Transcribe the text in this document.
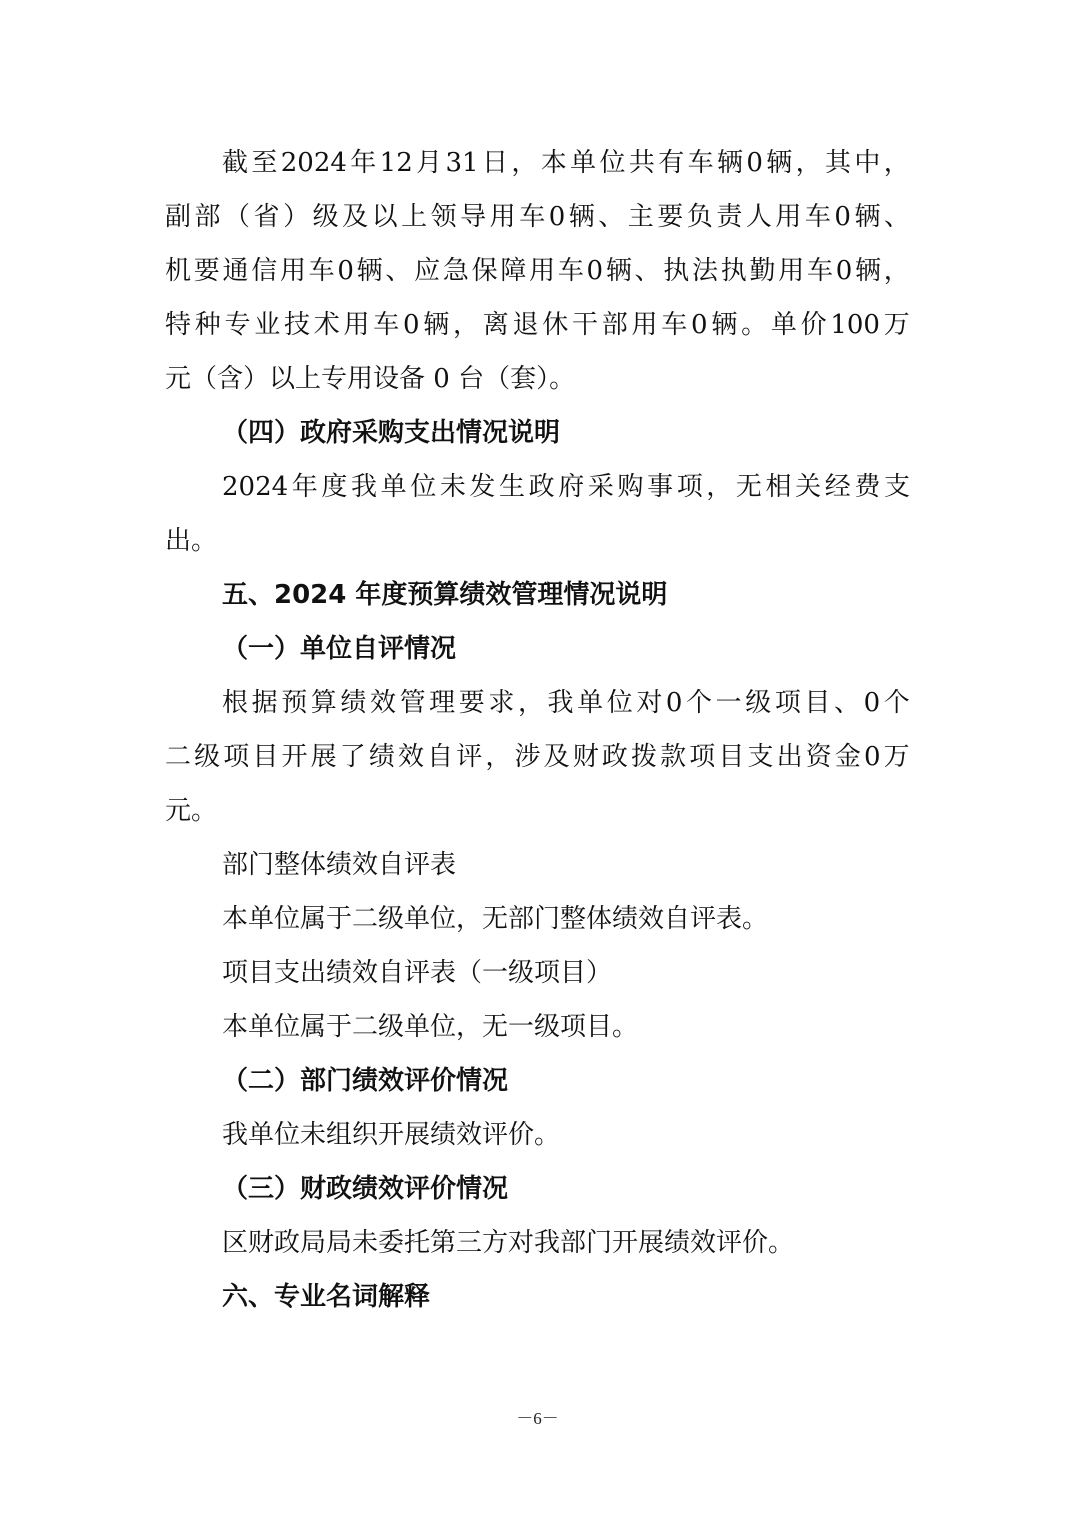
截 至 2024 年 12 月 31 日 ， 本 单 位 共 有 车 辆 0 辆 ， 其 中 ，
副 部 （ 省 ） 级 及 以 上 领 导 用 车 0 辆 、 主 要 负 责 人 用 车 0 辆 、
机 要 通 信 用 车 0 辆 、 应 急 保 障 用 车 0 辆 、 执 法 执 勤 用 车 0 辆 ，
特 种 专 业 技 术 用 车 0 辆 ， 离 退 休 干 部 用 车 0 辆 。 单 价 100 万
元（含）以上专用设备 0 台（套）。
（四）政府采购支出情况说明
2024 年 度 我 单 位 未 发 生 政 府 采 购 事 项 ， 无 相 关 经 费 支
出。
五、2024 年度预算绩效管理情况说明
（一）单位自评情况
根 据 预 算 绩 效 管 理 要 求 ， 我 单 位 对 0 个 一 级 项 目 、 0 个
二 级 项 目 开 展 了 绩 效 自 评 ， 涉 及 财 政 拨 款 项 目 支 出 资 金 0 万
元。
部门整体绩效自评表
本单位属于二级单位，无部门整体绩效自评表。
项目支出绩效自评表（一级项目）
本单位属于二级单位，无一级项目。
（二）部门绩效评价情况
我单位未组织开展绩效评价。
（三）财政绩效评价情况
区财政局局未委托第三方对我部门开展绩效评价。
六、专业名词解释
－6－
